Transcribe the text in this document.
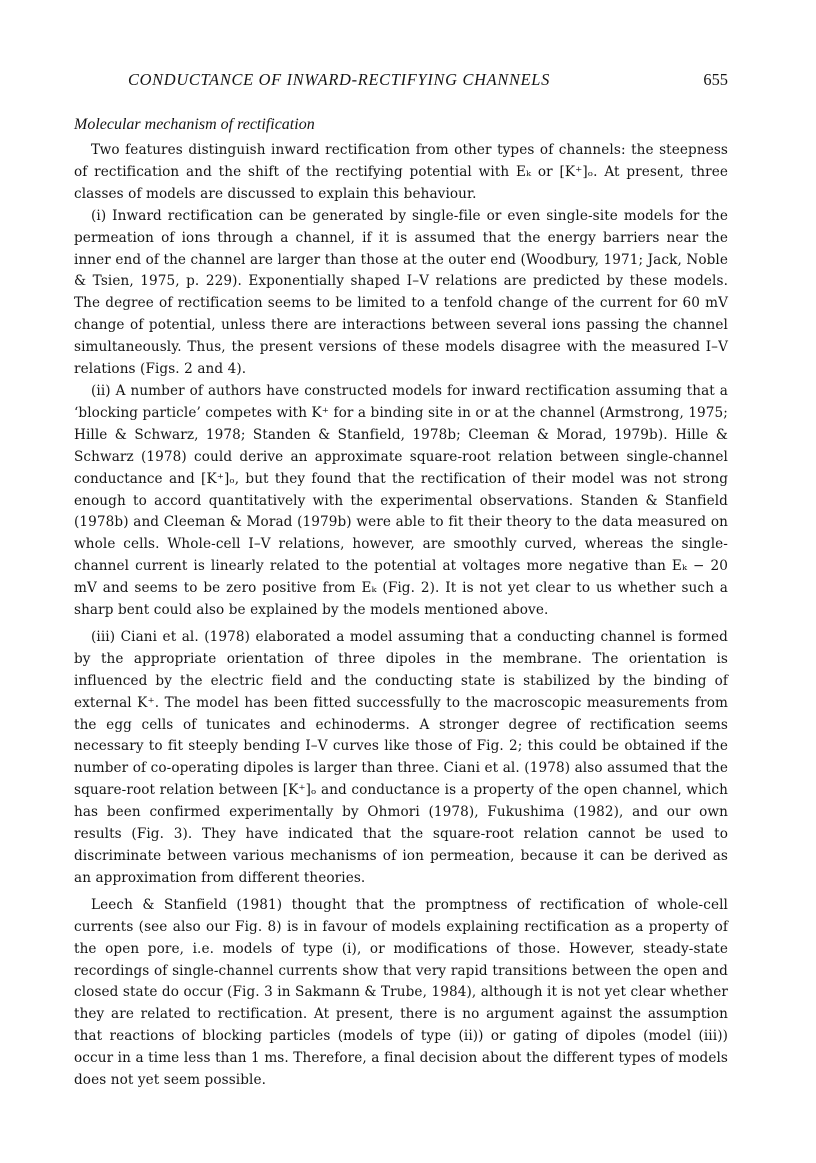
CONDUCTANCE OF INWARD-RECTIFYING CHANNELS	655
Molecular mechanism of rectification

Two features distinguish inward rectification from other types of channels: the steepness of rectification and the shift of the rectifying potential with Eₖ or [K⁺]ₒ. At present, three classes of models are discussed to explain this behaviour.

(i) Inward rectification can be generated by single-file or even single-site models for the permeation of ions through a channel, if it is assumed that the energy barriers near the inner end of the channel are larger than those at the outer end (Woodbury, 1971; Jack, Noble & Tsien, 1975, p. 229). Exponentially shaped I–V relations are predicted by these models. The degree of rectification seems to be limited to a tenfold change of the current for 60 mV change of potential, unless there are interactions between several ions passing the channel simultaneously. Thus, the present versions of these models disagree with the measured I–V relations (Figs. 2 and 4).

(ii) A number of authors have constructed models for inward rectification assuming that a ‘blocking particle’ competes with K⁺ for a binding site in or at the channel (Armstrong, 1975; Hille & Schwarz, 1978; Standen & Stanfield, 1978b; Cleeman & Morad, 1979b). Hille & Schwarz (1978) could derive an approximate square-root relation between single-channel conductance and [K⁺]ₒ, but they found that the rectification of their model was not strong enough to accord quantitatively with the experimental observations. Standen & Stanfield (1978b) and Cleeman & Morad (1979b) were able to fit their theory to the data measured on whole cells. Whole-cell I–V relations, however, are smoothly curved, whereas the single-channel current is linearly related to the potential at voltages more negative than Eₖ − 20 mV and seems to be zero positive from Eₖ (Fig. 2). It is not yet clear to us whether such a sharp bent could also be explained by the models mentioned above.

(iii) Ciani et al. (1978) elaborated a model assuming that a conducting channel is formed by the appropriate orientation of three dipoles in the membrane. The orientation is influenced by the electric field and the conducting state is stabilized by the binding of external K⁺. The model has been fitted successfully to the macroscopic measurements from the egg cells of tunicates and echinoderms. A stronger degree of rectification seems necessary to fit steeply bending I–V curves like those of Fig. 2; this could be obtained if the number of co-operating dipoles is larger than three. Ciani et al. (1978) also assumed that the square-root relation between [K⁺]ₒ and conductance is a property of the open channel, which has been confirmed experimentally by Ohmori (1978), Fukushima (1982), and our own results (Fig. 3). They have indicated that the square-root relation cannot be used to discriminate between various mechanisms of ion permeation, because it can be derived as an approximation from different theories.

Leech & Stanfield (1981) thought that the promptness of rectification of whole-cell currents (see also our Fig. 8) is in favour of models explaining rectification as a property of the open pore, i.e. models of type (i), or modifications of those. However, steady-state recordings of single-channel currents show that very rapid transitions between the open and closed state do occur (Fig. 3 in Sakmann & Trube, 1984), although it is not yet clear whether they are related to rectification. At present, there is no argument against the assumption that reactions of blocking particles (models of type (ii)) or gating of dipoles (model (iii)) occur in a time less than 1 ms. Therefore, a final decision about the different types of models does not yet seem possible.
